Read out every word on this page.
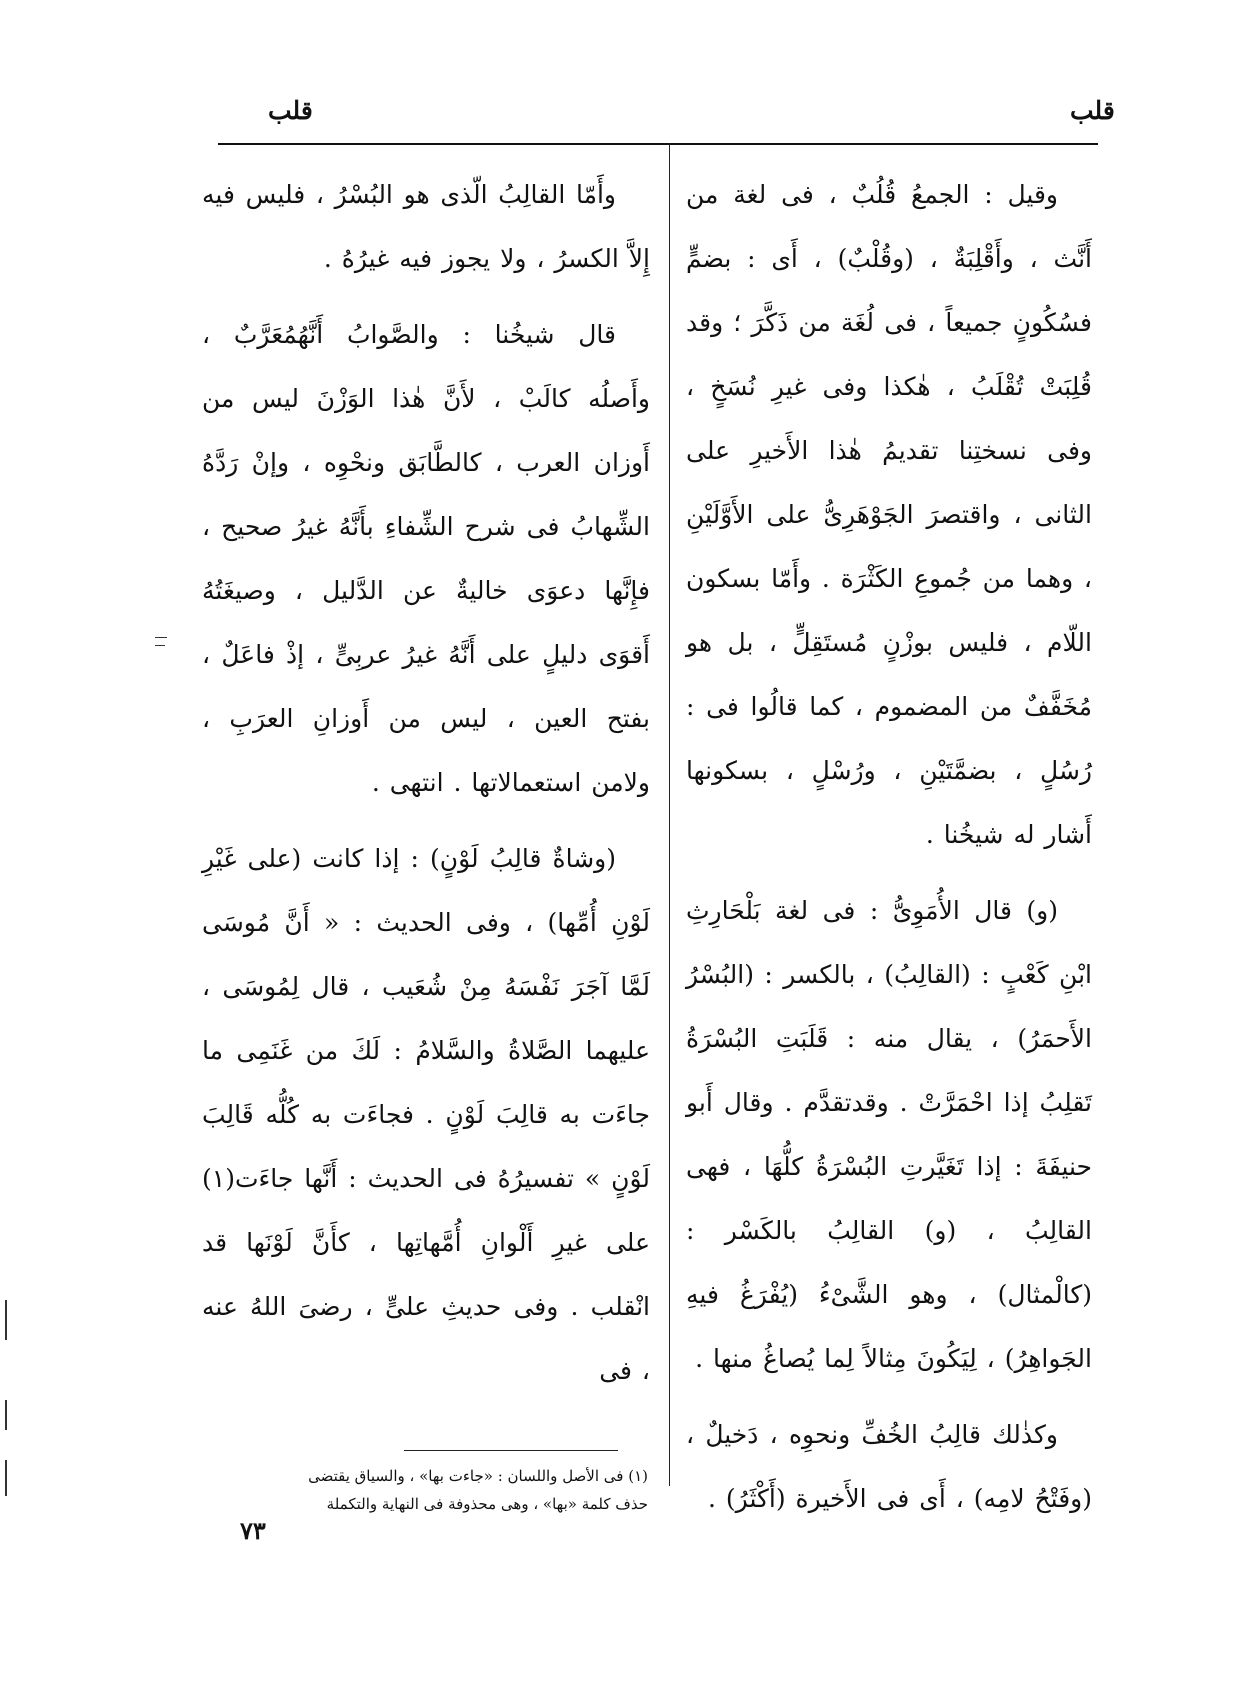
قلب
قلب

وقيل : الجمعُ قُلُبٌ ، فى لغة من أَنَّث ، وأَقْلِبَةٌ ، (وقُلْبٌ) ، أَى : بضمٍّ فسُكُونٍ جميعاً ، فى لُغَة من ذَكَّرَ ؛ وقد قُلِبَتْ تُقْلَبُ ، هٰكذا وفى غيرِ نُسَخٍ ، وفى نسختِنا تقديمُ هٰذا الأَخيرِ على الثانى ، واقتصرَ الجَوْهَرِىُّ على الأَوَّلَيْنِ ، وهما من جُموعِ الكَثْرَة . وأَمّا بسكون اللّام ، فليس بوزْنٍ مُستَقِلٍّ ، بل هو مُخَفَّفٌ من المضموم ، كما قالُوا فى : رُسُلٍ ، بضمَّتَيْنِ ، ورُسْلٍ ، بسكونها أَشار له شيخُنا .

(و) قال الأُمَوِىُّ : فى لغة بَلْحَارِثِ ابْنِ كَعْبٍ : (القالِبُ) ، بالكسر : (البُسْرُ الأَحمَرُ) ، يقال منه : قَلَبَتِ البُسْرَةُ تَقلِبُ إذا احْمَرَّتْ . وقدتقدَّم . وقال أَبو حنيفَةَ : إذا تَغَيَّرتِ البُسْرَةُ كلُّهَا ، فهى القالِبُ ، (و) القالِبُ بالكَسْر : (كالْمثال) ، وهو الشَّىْءُ (يُفْرَغُ فيهِ الجَواهِرُ) ، لِيَكُونَ مِثالاً لِما يُصاغُ منها .

وكذٰلك قالِبُ الخُفِّ ونحوِه ، دَخيلٌ ، (وفَتْحُ لامِه) ، أَى فى الأَخيرة (أَكْثَرُ) .

وأَمّا القالِبُ الّذى هو البُسْرُ ، فليس فيه إِلاَّ الكسرُ ، ولا يجوز فيه غيرُهُ .

قال شيخُنا : والصَّوابُ أَنَّهُمُعَرَّبٌ ، وأَصلُه كالَبْ ، لأَنَّ هٰذا الوَزْنَ ليس من أَوزان العرب ، كالطَّابَق ونحْوِه ، وإنْ رَدَّهُ الشِّهابُ فى شرح الشِّفاءِ بأَنَّهُ غيرُ صحيح ، فإِنَّها دعوَى خاليةٌ عن الدَّليل ، وصيغَتُهُ أَقوَى دليلٍ على أَنَّهُ غيرُ عربِىٍّ ، إذْ فاعَلٌ ، بفتح العين ، ليس من أَوزانِ العرَبِ ، ولامن استعمالاتها . انتهى .

(وشاةٌ قالِبُ لَوْنٍ) : إذا كانت (على غَيْرِ لَوْنِ أُمِّها) ، وفى الحديث : « أَنَّ مُوسَى لَمَّا آجَرَ نَفْسَهُ مِنْ شُعَيب ، قال لِمُوسَى ، عليهما الصَّلاةُ والسَّلامُ : لَكَ من غَنَمِى ما جاءَت به قالِبَ لَوْنٍ . فجاءَت به كُلُّه قَالِبَ لَوْنٍ » تفسيرُهُ فى الحديث : أَنَّها جاءَت(١) على غيرِ أَلْوانِ أُمَّهاتِها ، كأَنَّ لَوْنَها قد انْقلب . وفى حديثِ علىٍّ ، رضىَ اللهُ عنه ، فى

(١) فى الأصل واللسان : «جاءت بها» ، والسياق يقتضى
حذف كلمة «بها» ، وهى محذوفة فى النهاية والتكملة
٧٣
